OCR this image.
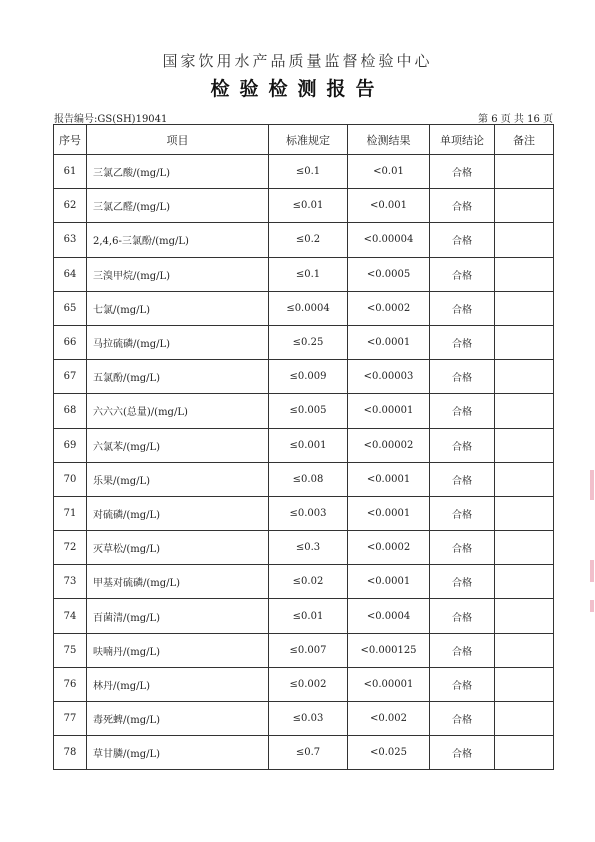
国家饮用水产品质量监督检验中心
检验检测报告
报告编号:GS(SH)19041	第 6 页 共 16 页
序号	项目	标准规定	检测结果	单项结论	备注
61	三氯乙酸/(mg/L)	≤0.1	<0.01	合格	
62	三氯乙醛/(mg/L)	≤0.01	<0.001	合格	
63	2,4,6-三氯酚/(mg/L)	≤0.2	<0.00004	合格	
64	三溴甲烷/(mg/L)	≤0.1	<0.0005	合格	
65	七氯/(mg/L)	≤0.0004	<0.0002	合格	
66	马拉硫磷/(mg/L)	≤0.25	<0.0001	合格	
67	五氯酚/(mg/L)	≤0.009	<0.00003	合格	
68	六六六(总量)/(mg/L)	≤0.005	<0.00001	合格	
69	六氯苯/(mg/L)	≤0.001	<0.00002	合格	
70	乐果/(mg/L)	≤0.08	<0.0001	合格	
71	对硫磷/(mg/L)	≤0.003	<0.0001	合格	
72	灭草松/(mg/L)	≤0.3	<0.0002	合格	
73	甲基对硫磷/(mg/L)	≤0.02	<0.0001	合格	
74	百菌清/(mg/L)	≤0.01	<0.0004	合格	
75	呋喃丹/(mg/L)	≤0.007	<0.000125	合格	
76	林丹/(mg/L)	≤0.002	<0.00001	合格	
77	毒死蜱/(mg/L)	≤0.03	<0.002	合格	
78	草甘膦/(mg/L)	≤0.7	<0.025	合格	
